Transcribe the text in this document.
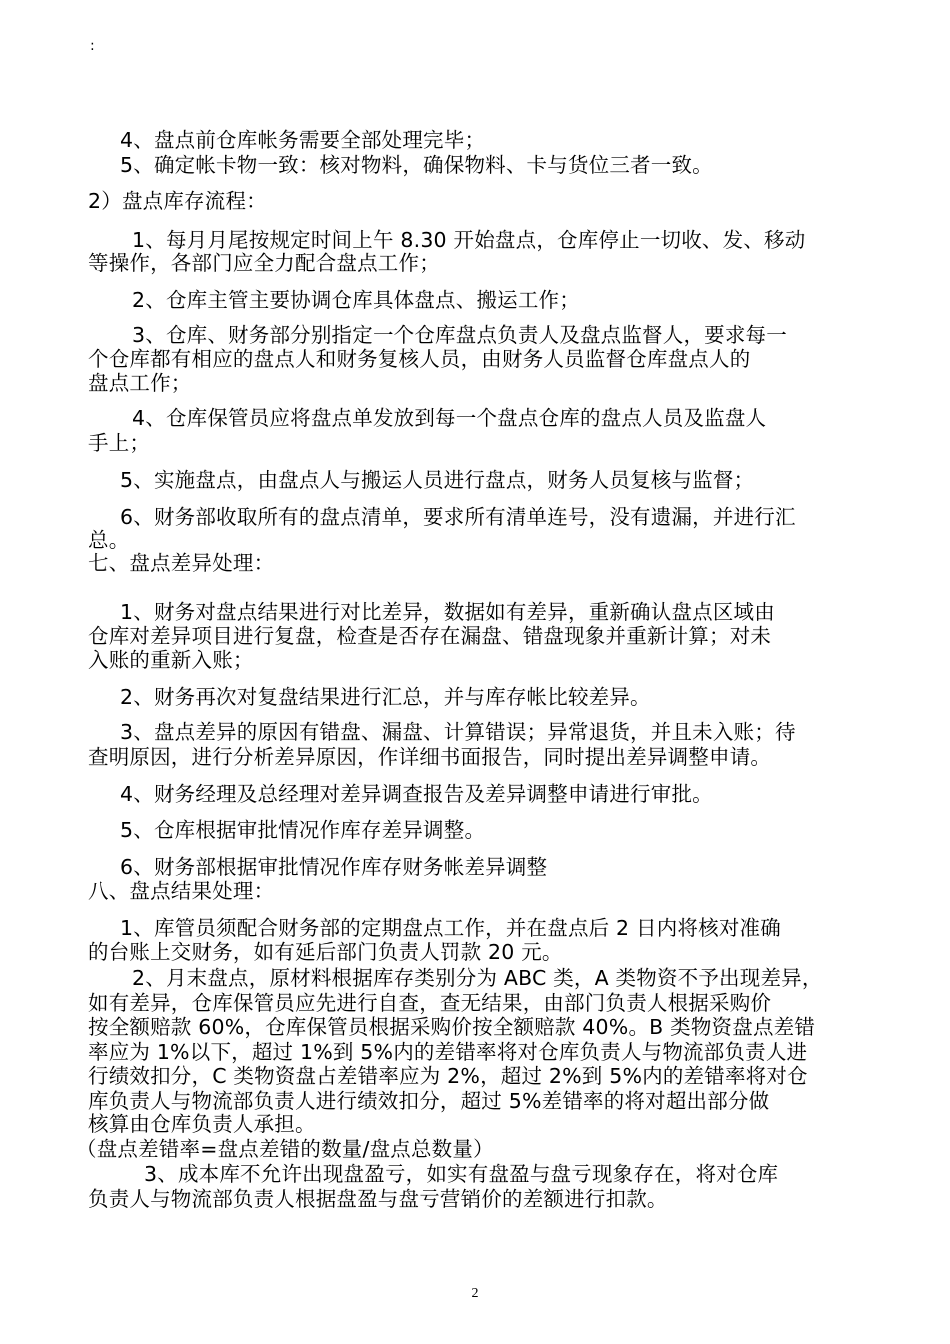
:
4、盘点前仓库帐务需要全部处理完毕；
5、确定帐卡物一致：核对物料，确保物料、卡与货位三者一致。
2）盘点库存流程：
1、每月月尾按规定时间上午 8.30 开始盘点，仓库停止一切收、发、移动
等操作，各部门应全力配合盘点工作；
2、仓库主管主要协调仓库具体盘点、搬运工作；
3、仓库、财务部分别指定一个仓库盘点负责人及盘点监督人，要求每一
个仓库都有相应的盘点人和财务复核人员，由财务人员监督仓库盘点人的
盘点工作；
4、仓库保管员应将盘点单发放到每一个盘点仓库的盘点人员及监盘人
手上；
5、实施盘点，由盘点人与搬运人员进行盘点，财务人员复核与监督；
6、财务部收取所有的盘点清单，要求所有清单连号，没有遗漏，并进行汇
总。
七、盘点差异处理：
1、财务对盘点结果进行对比差异，数据如有差异，重新确认盘点区域由
仓库对差异项目进行复盘，检查是否存在漏盘、错盘现象并重新计算；对未
入账的重新入账；
2、财务再次对复盘结果进行汇总，并与库存帐比较差异。
3、盘点差异的原因有错盘、漏盘、计算错误；异常退货，并且未入账；待
查明原因，进行分析差异原因，作详细书面报告，同时提出差异调整申请。
4、财务经理及总经理对差异调查报告及差异调整申请进行审批。
5、仓库根据审批情况作库存差异调整。
6、财务部根据审批情况作库存财务帐差异调整
八、盘点结果处理：
1、库管员须配合财务部的定期盘点工作，并在盘点后 2 日内将核对准确
的台账上交财务，如有延后部门负责人罚款 20 元。
2、月末盘点，原材料根据库存类别分为 ABC 类，A 类物资不予出现差异，
如有差异，仓库保管员应先进行自查，查无结果，由部门负责人根据采购价
按全额赔款 60%，仓库保管员根据采购价按全额赔款 40%。B 类物资盘点差错
率应为 1%以下，超过 1%到 5%内的差错率将对仓库负责人与物流部负责人进
行绩效扣分，C 类物资盘占差错率应为 2%，超过 2%到 5%内的差错率将对仓
库负责人与物流部负责人进行绩效扣分，超过 5%差错率的将对超出部分做
核算由仓库负责人承担。
（盘点差错率=盘点差错的数量/盘点总数量）
3、成本库不允许出现盘盈亏，如实有盘盈与盘亏现象存在，将对仓库
负责人与物流部负责人根据盘盈与盘亏营销价的差额进行扣款。
2
